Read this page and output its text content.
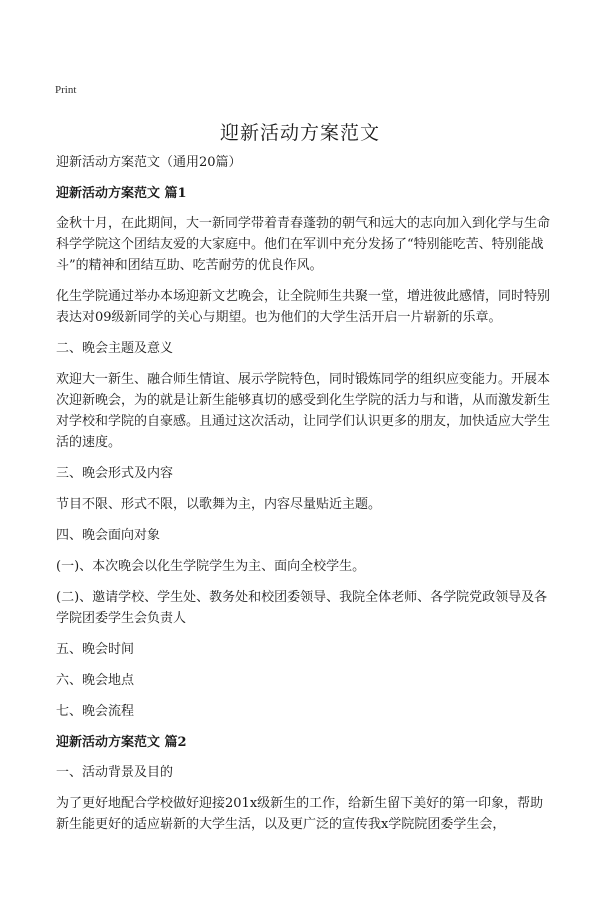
Print
迎新活动方案范文

迎新活动方案范文（通用20篇）

迎新活动方案范文 篇1

金秋十月，在此期间，大一新同学带着青春蓬勃的朝气和远大的志向加入到化学与生命科学学院这个团结友爱的大家庭中。他们在军训中充分发扬了“特别能吃苦、特别能战斗”的精神和团结互助、吃苦耐劳的优良作风。

化生学院通过举办本场迎新文艺晚会，让全院师生共聚一堂，增进彼此感情，同时特别表达对09级新同学的关心与期望。也为他们的大学生活开启一片崭新的乐章。

二、晚会主题及意义

欢迎大一新生、融合师生情谊、展示学院特色，同时锻炼同学的组织应变能力。开展本次迎新晚会，为的就是让新生能够真切的感受到化生学院的活力与和谐，从而激发新生对学校和学院的自豪感。且通过这次活动，让同学们认识更多的朋友，加快适应大学生活的速度。

三、晚会形式及内容

节目不限、形式不限，以歌舞为主，内容尽量贴近主题。

四、晚会面向对象

(一)、本次晚会以化生学院学生为主、面向全校学生。

(二)、邀请学校、学生处、教务处和校团委领导、我院全体老师、各学院党政领导及各学院团委学生会负责人

五、晚会时间

六、晚会地点

七、晚会流程

迎新活动方案范文 篇2

一、活动背景及目的

为了更好地配合学校做好迎接201x级新生的工作，给新生留下美好的第一印象，帮助新生能更好的适应崭新的大学生活，以及更广泛的宣传我x学院院团委学生会，
